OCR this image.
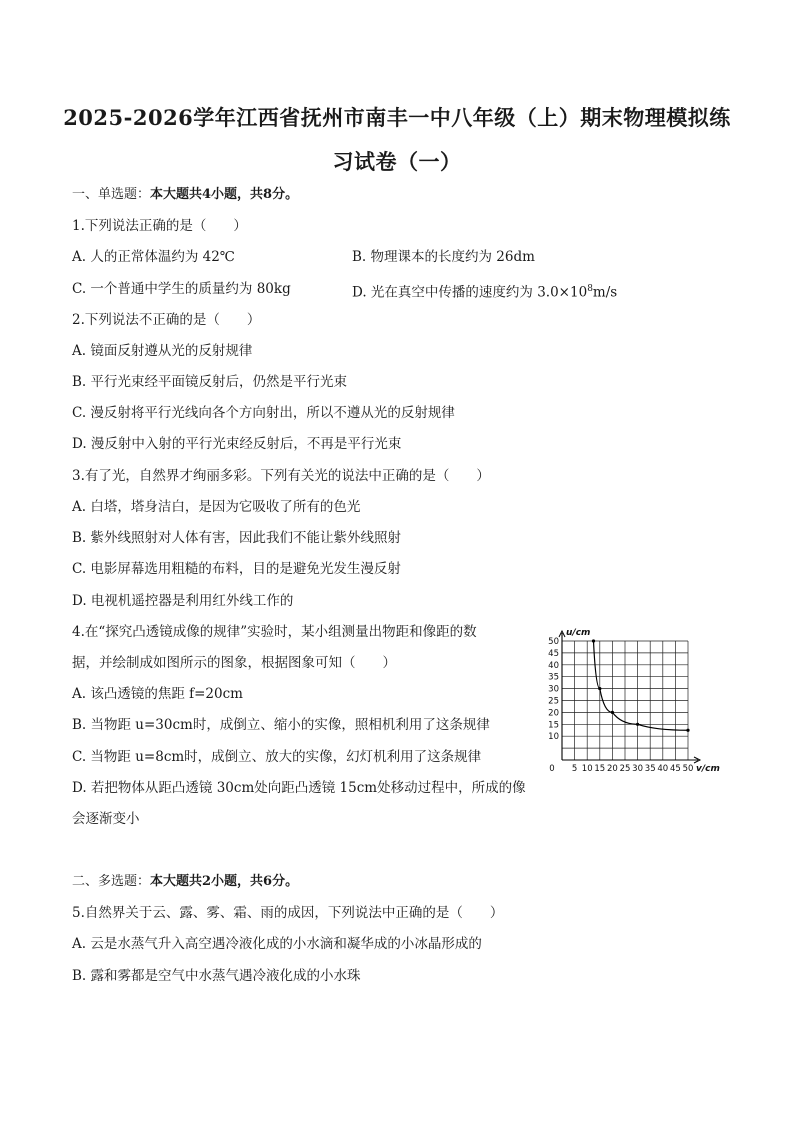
2025-2026学年江西省抚州市南丰一中八年级（上）期末物理模拟练
习试卷（一）
一、单选题：本大题共4小题，共8分。
1.下列说法正确的是（　　）
A. 人的正常体温约为 42℃	B. 物理课本的长度约为 26dm
C. 一个普通中学生的质量约为 80kg	D. 光在真空中传播的速度约为 $3.0\times 10^8m/s$
2.下列说法不正确的是（　　）
A. 镜面反射遵从光的反射规律
B. 平行光束经平面镜反射后，仍然是平行光束
C. 漫反射将平行光线向各个方向射出，所以不遵从光的反射规律
D. 漫反射中入射的平行光束经反射后，不再是平行光束
3.有了光，自然界才绚丽多彩。下列有关光的说法中正确的是（　　）
A. 白塔，塔身洁白，是因为它吸收了所有的色光
B. 紫外线照射对人体有害，因此我们不能让紫外线照射
C. 电影屏幕选用粗糙的布料，目的是避免光发生漫反射
D. 电视机遥控器是利用红外线工作的
4.在“探究凸透镜成像的规律”实验时，某小组测量出物距和像距的数
据，并绘制成如图所示的图象，根据图象可知（　　）
A. 该凸透镜的焦距 f=20cm
B. 当物距 u=30cm时，成倒立、缩小的实像，照相机利用了这条规律
C. 当物距 u=8cm时，成倒立、放大的实像，幻灯机利用了这条规律
D. 若把物体从距凸透镜 30cm处向距凸透镜 15cm处移动过程中，所成的像
会逐渐变小
0 5 10 15 20 25 30 35 40 45 50
10
15
20
25
30
35
40
45
50
u/cm
v/cm
二、多选题：本大题共2小题，共6分。
5.自然界关于云、露、雾、霜、雨的成因，下列说法中正确的是（　　）
A. 云是水蒸气升入高空遇冷液化成的小水滴和凝华成的小冰晶形成的
B. 露和雾都是空气中水蒸气遇冷液化成的小水珠
